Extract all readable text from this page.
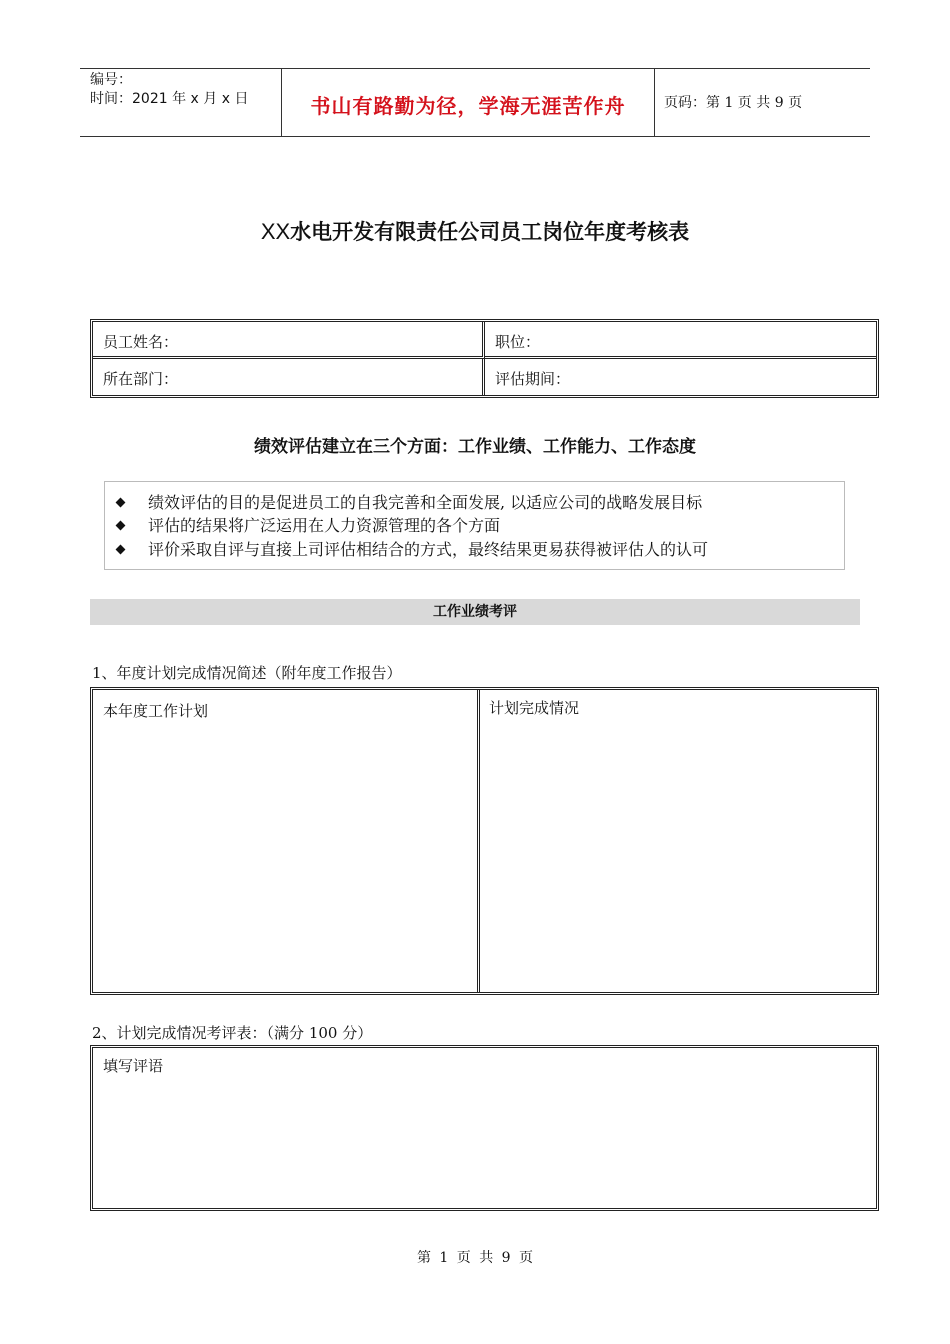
编号：
时间：2021 年 x 月 x 日	书山有路勤为径，学海无涯苦作舟	页码：第 1 页 共 9 页
XX水电开发有限责任公司员工岗位年度考核表
员工姓名：	职位：
所在部门：	评估期间：
绩效评估建立在三个方面：工作业绩、工作能力、工作态度
绩效评估的目的是促进员工的自我完善和全面发展, 以适应公司的战略发展目标
评估的结果将广泛运用在人力资源管理的各个方面
评价采取自评与直接上司评估相结合的方式，最终结果更易获得被评估人的认可
工作业绩考评
1、年度计划完成情况简述（附年度工作报告）
本年度工作计划	计划完成情况
2、计划完成情况考评表：（满分 100 分）
填写评语
第 1 页 共 9 页
